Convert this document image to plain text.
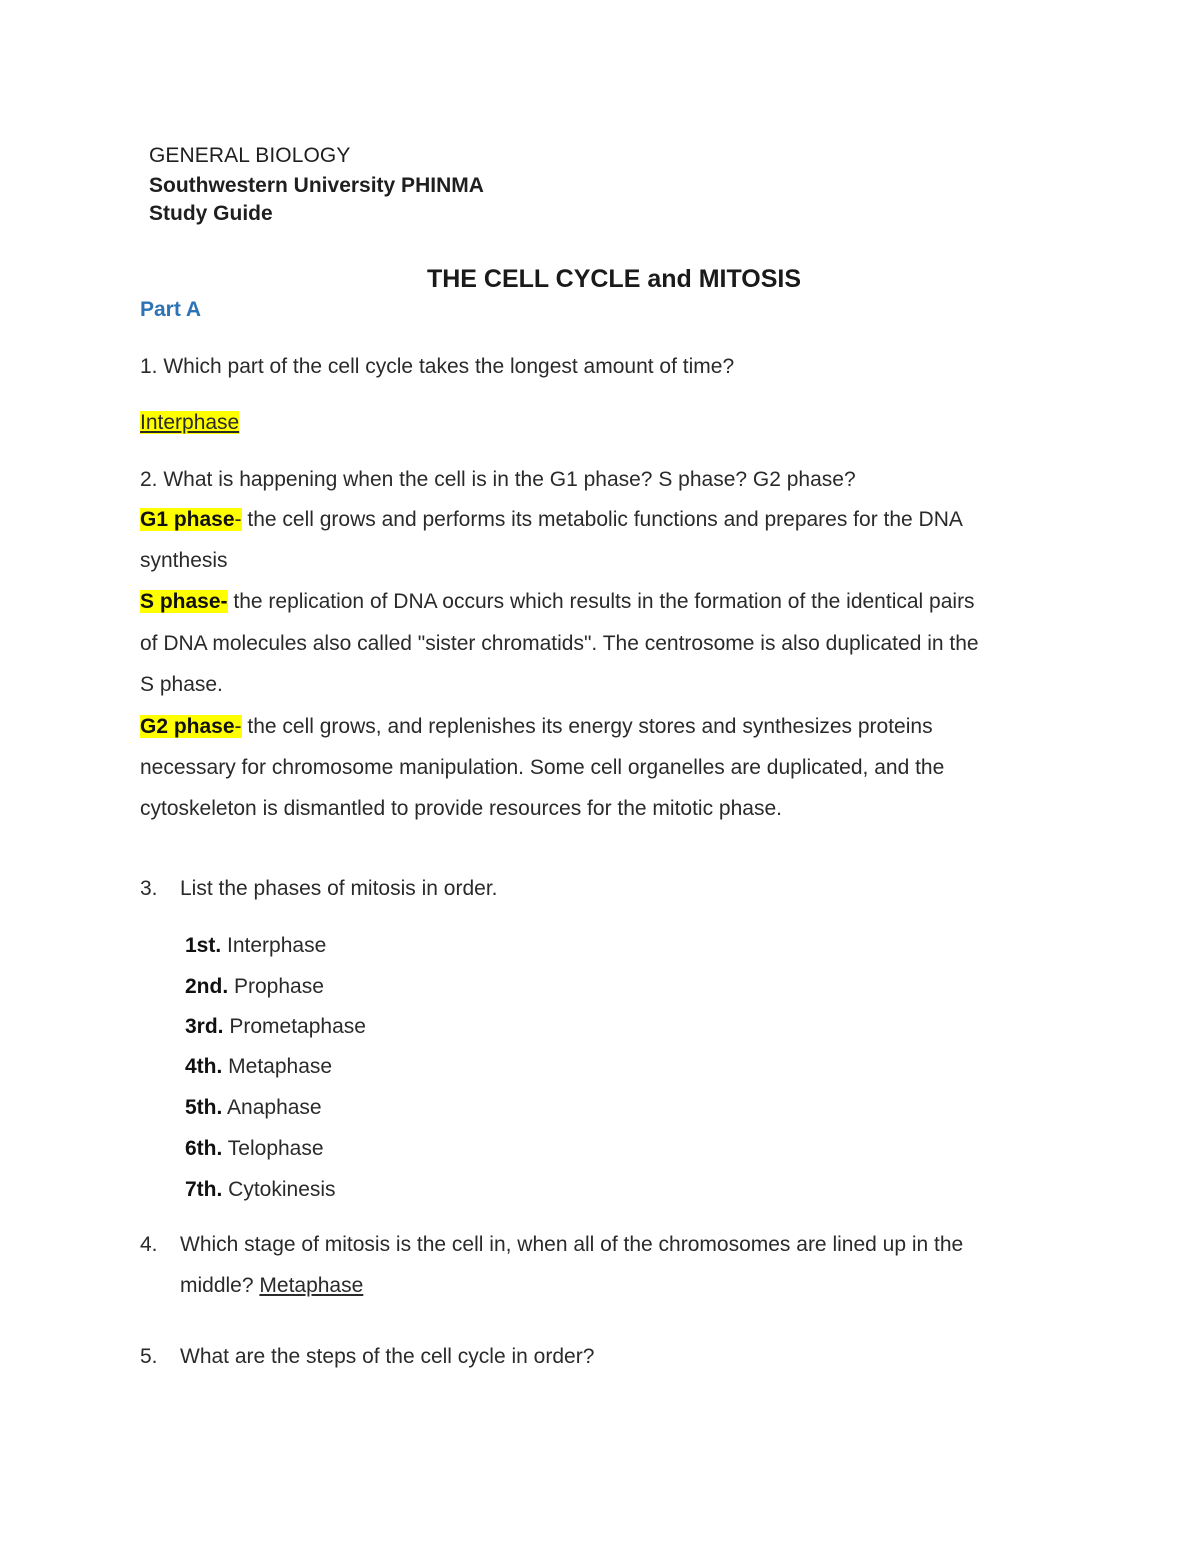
GENERAL BIOLOGY
Southwestern University PHINMA
Study Guide
THE CELL CYCLE and MITOSIS
Part A
1. Which part of the cell cycle takes the longest amount of time?
Interphase
2. What is happening when the cell is in the G1 phase? S phase? G2 phase?
G1 phase- the cell grows and performs its metabolic functions and prepares for the DNA
synthesis
S phase- the replication of DNA occurs which results in the formation of the identical pairs
of DNA molecules also called "sister chromatids". The centrosome is also duplicated in the
S phase.
G2 phase- the cell grows, and replenishes its energy stores and synthesizes proteins
necessary for chromosome manipulation. Some cell organelles are duplicated, and the
cytoskeleton is dismantled to provide resources for the mitotic phase.
3. List the phases of mitosis in order.
1st. Interphase
2nd. Prophase
3rd. Prometaphase
4th. Metaphase
5th. Anaphase
6th. Telophase
7th. Cytokinesis
4. Which stage of mitosis is the cell in, when all of the chromosomes are lined up in the
middle? Metaphase
5. What are the steps of the cell cycle in order?
